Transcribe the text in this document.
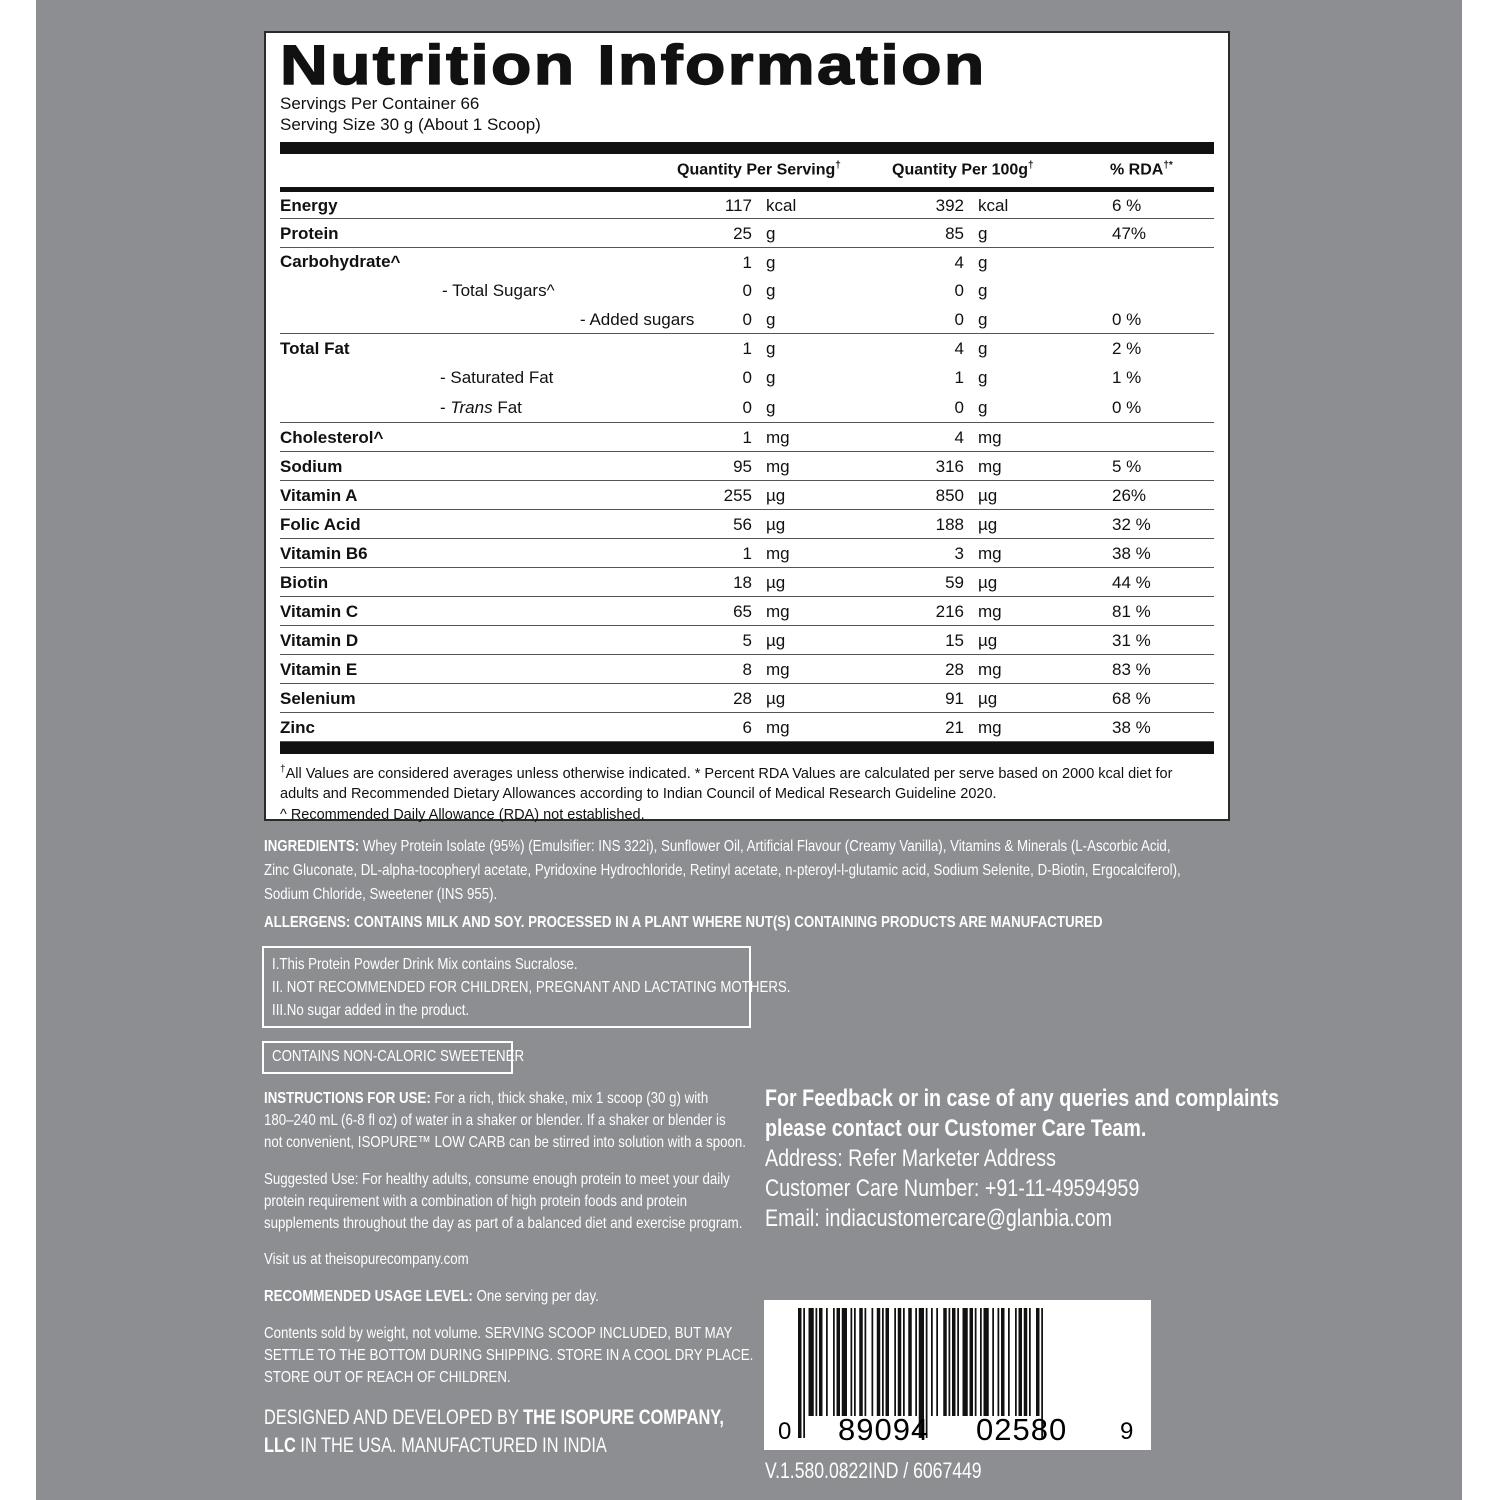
Nutrition Information
Servings Per Container 66
Serving Size 30 g (About 1 Scoop)
Quantity Per Serving†	Quantity Per 100g†	% RDA†*
Energy	117 kcal	392 kcal	6 %
Protein	25 g	85 g	47%
Carbohydrate^	1 g	4 g
- Total Sugars^	0 g	0 g
- Added sugars	0 g	0 g	0 %
Total Fat	1 g	4 g	2 %
- Saturated Fat	0 g	1 g	1 %
- Trans Fat	0 g	0 g	0 %
Cholesterol^	1 mg	4 mg
Sodium	95 mg	316 mg	5 %
Vitamin A	255 µg	850 µg	26%
Folic Acid	56 µg	188 µg	32 %
Vitamin B6	1 mg	3 mg	38 %
Biotin	18 µg	59 µg	44 %
Vitamin C	65 mg	216 mg	81 %
Vitamin D	5 µg	15 µg	31 %
Vitamin E	8 mg	28 mg	83 %
Selenium	28 µg	91 µg	68 %
Zinc	6 mg	21 mg	38 %
†All Values are considered averages unless otherwise indicated. * Percent RDA Values are calculated per serve based on 2000 kcal diet for
adults and Recommended Dietary Allowances according to Indian Council of Medical Research Guideline 2020.
^ Recommended Daily Allowance (RDA) not established.
INGREDIENTS: Whey Protein Isolate (95%) (Emulsifier: INS 322i), Sunflower Oil, Artificial Flavour (Creamy Vanilla), Vitamins & Minerals (L-Ascorbic Acid,
Zinc Gluconate, DL-alpha-tocopheryl acetate, Pyridoxine Hydrochloride, Retinyl acetate, n-pteroyl-l-glutamic acid, Sodium Selenite, D-Biotin, Ergocalciferol),
Sodium Chloride, Sweetener (INS 955).
ALLERGENS: CONTAINS MILK AND SOY. PROCESSED IN A PLANT WHERE NUT(S) CONTAINING PRODUCTS ARE MANUFACTURED
I.This Protein Powder Drink Mix contains Sucralose.
II. NOT RECOMMENDED FOR CHILDREN, PREGNANT AND LACTATING MOTHERS.
III.No sugar added in the product.
CONTAINS NON-CALORIC SWEETENER
INSTRUCTIONS FOR USE: For a rich, thick shake, mix 1 scoop (30 g) with
180–240 mL (6-8 fl oz) of water in a shaker or blender. If a shaker or blender is
not convenient, ISOPURE™ LOW CARB can be stirred into solution with a spoon.
Suggested Use: For healthy adults, consume enough protein to meet your daily
protein requirement with a combination of high protein foods and protein
supplements throughout the day as part of a balanced diet and exercise program.
Visit us at theisopurecompany.com
RECOMMENDED USAGE LEVEL: One serving per day.
Contents sold by weight, not volume. SERVING SCOOP INCLUDED, BUT MAY
SETTLE TO THE BOTTOM DURING SHIPPING. STORE IN A COOL DRY PLACE.
STORE OUT OF REACH OF CHILDREN.
DESIGNED AND DEVELOPED BY THE ISOPURE COMPANY,
LLC IN THE USA. MANUFACTURED IN INDIA
For Feedback or in case of any queries and complaints
please contact our Customer Care Team.
Address: Refer Marketer Address
Customer Care Number: +91-11-49594959
Email: indiacustomercare@glanbia.com
0 89094 02580 9
V.1.580.0822IND / 6067449
